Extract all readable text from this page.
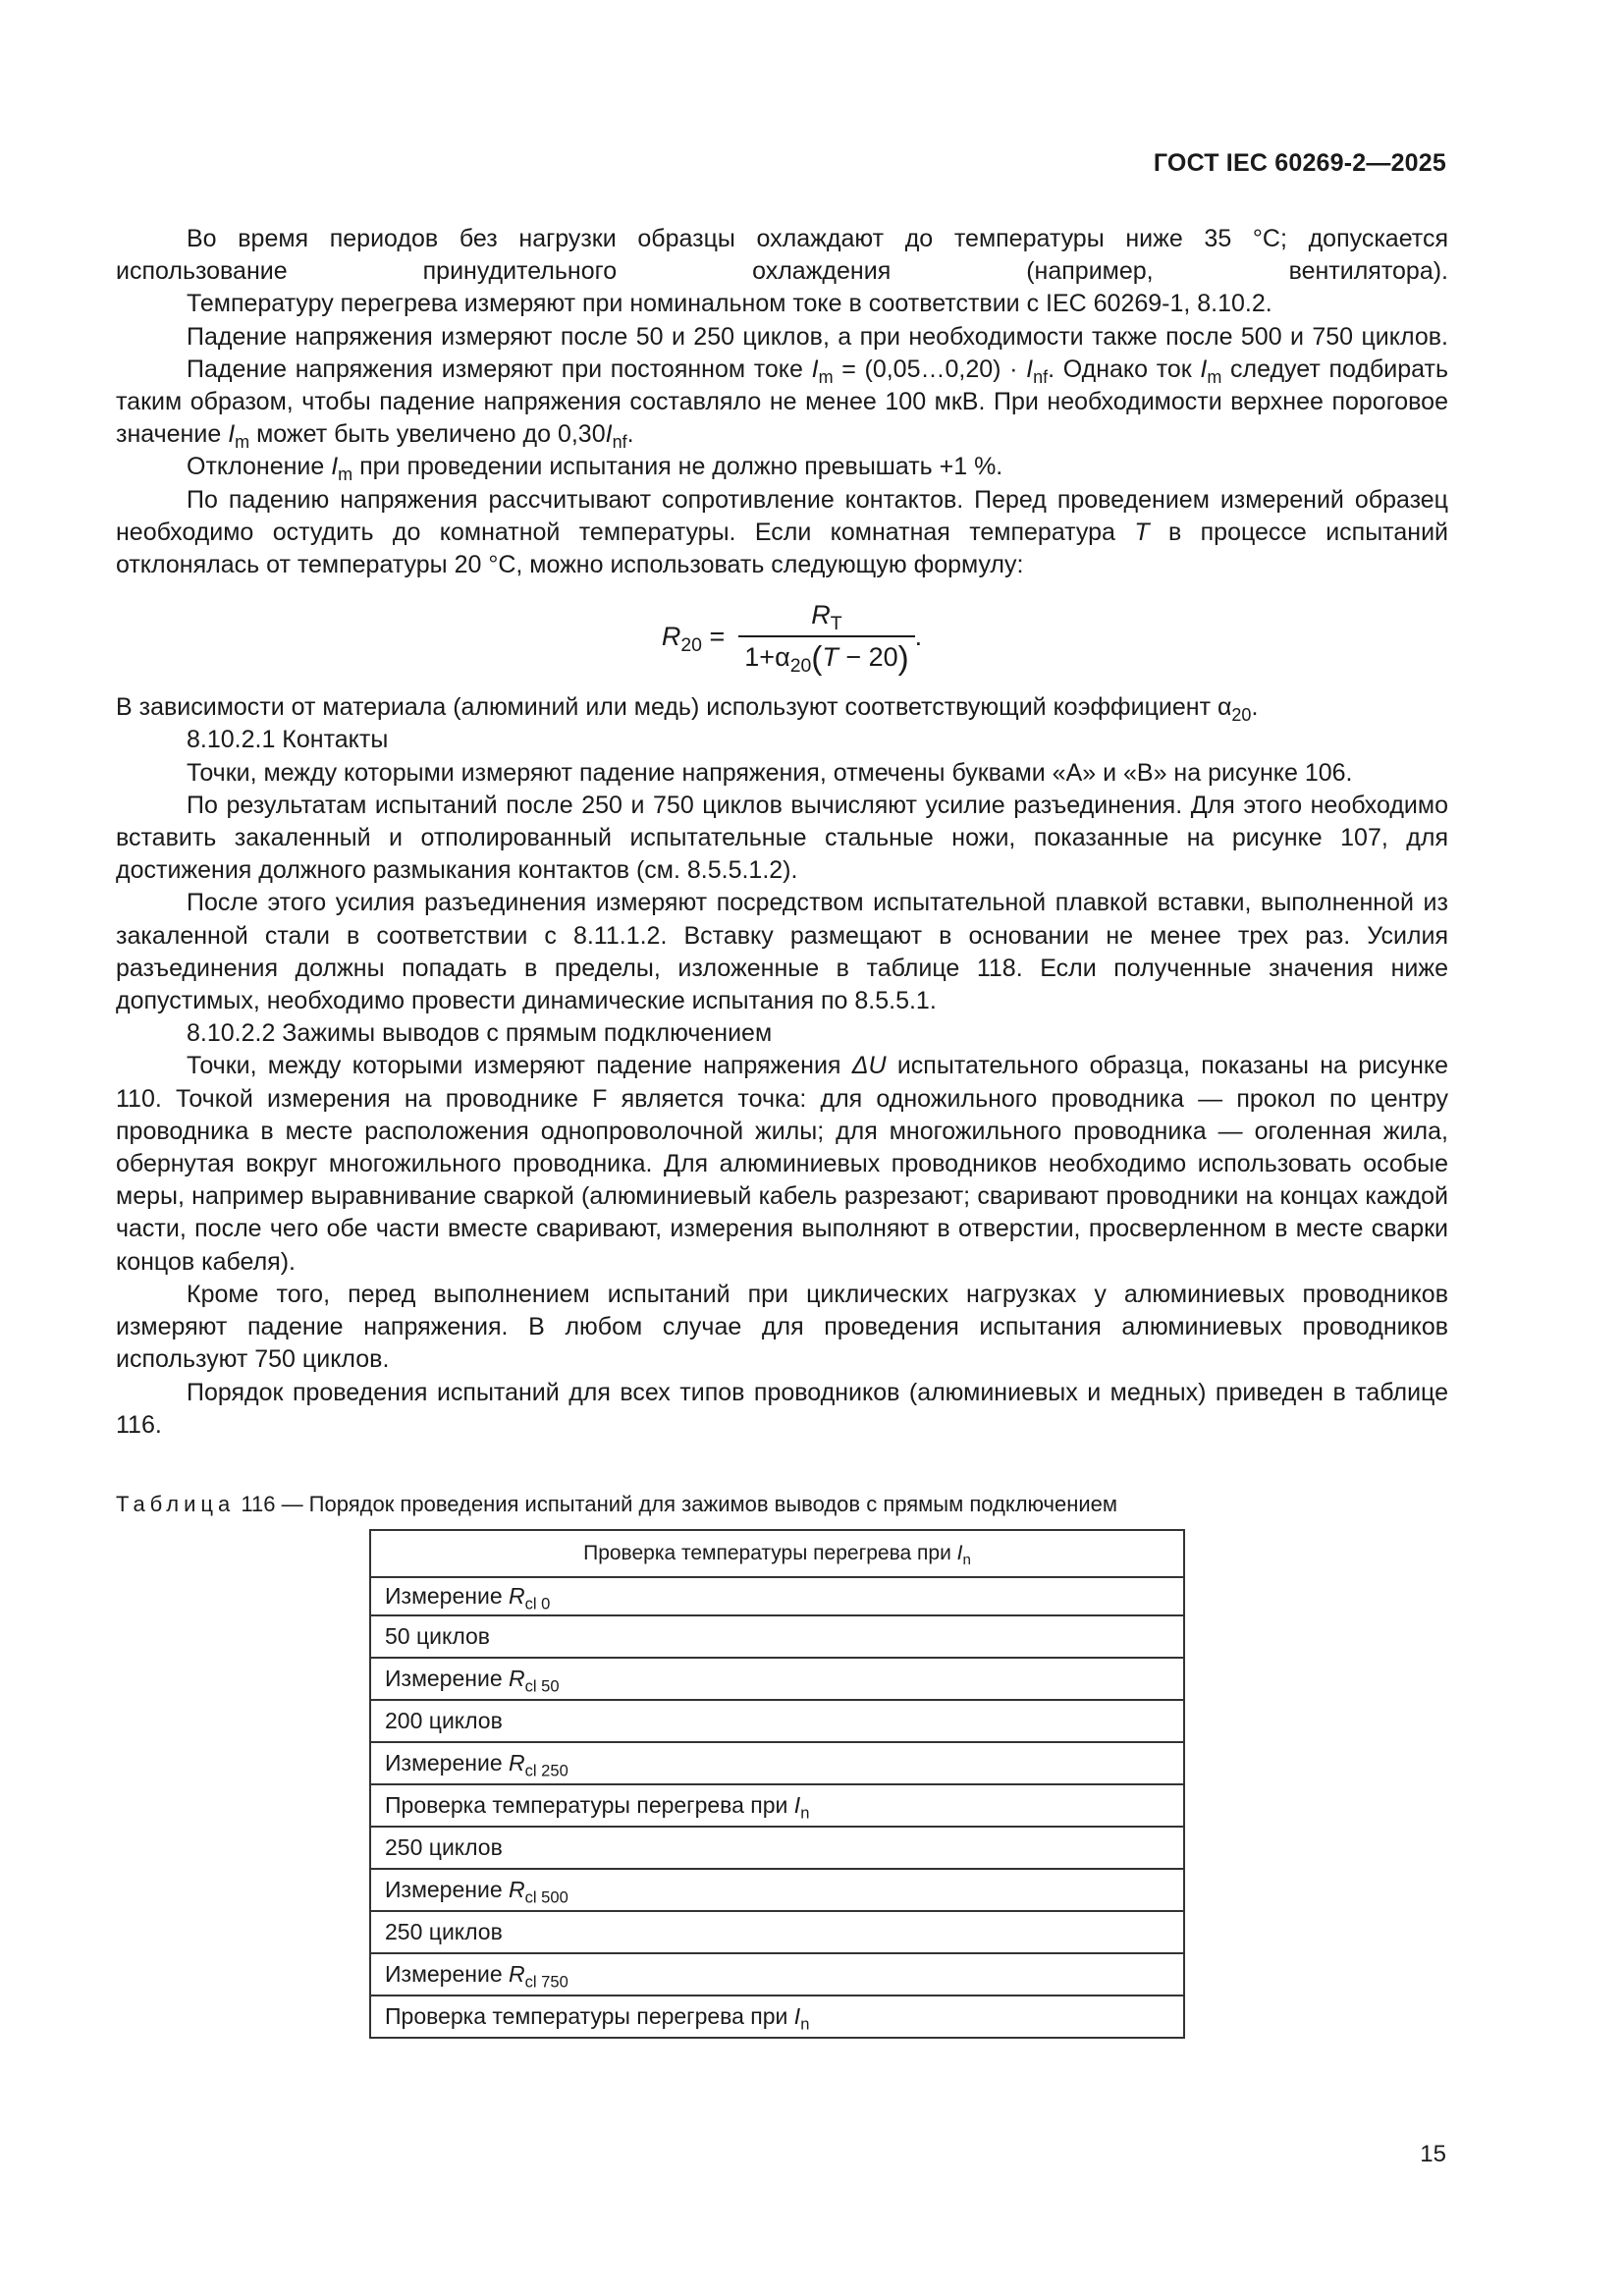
ГОСТ IEC 60269-2—2025

Во время периодов без нагрузки образцы охлаждают до температуры ниже 35 °С; допускается использование принудительного охлаждения (например, вентилятора).

Температуру перегрева измеряют при номинальном токе в соответствии с IEC 60269-1, 8.10.2.

Падение напряжения измеряют после 50 и 250 циклов, а при необходимости также после 500 и 750 циклов.

Падение напряжения измеряют при постоянном токе $I_m$ = (0,05…0,20) · $I_{nf}$. Однако ток $I_m$ следует подбирать таким образом, чтобы падение напряжения составляло не менее 100 мкВ. При необходимости верхнее пороговое значение $I_m$ может быть увеличено до $0,30I_{nf}$.

Отклонение $I_m$ при проведении испытания не должно превышать +1 %.

По падению напряжения рассчитывают сопротивление контактов. Перед проведением измерений образец необходимо остудить до комнатной температуры. Если комнатная температура T в процессе испытаний отклонялась от температуры 20 °С, можно использовать следующую формулу:

$R_{20} = \frac{R_T}{1+\alpha_{20}(T - 20)}$ .

В зависимости от материала (алюминий или медь) используют соответствующий коэффициент $\alpha_{20}$.

8.10.2.1 Контакты

Точки, между которыми измеряют падение напряжения, отмечены буквами «A» и «B» на рисунке 106.

По результатам испытаний после 250 и 750 циклов вычисляют усилие разъединения. Для этого необходимо вставить закаленный и отполированный испытательные стальные ножи, показанные на рисунке 107, для достижения должного размыкания контактов (см. 8.5.5.1.2).

После этого усилия разъединения измеряют посредством испытательной плавкой вставки, выполненной из закаленной стали в соответствии с 8.11.1.2. Вставку размещают в основании не менее трех раз. Усилия разъединения должны попадать в пределы, изложенные в таблице 118. Если полученные значения ниже допустимых, необходимо провести динамические испытания по 8.5.5.1.

8.10.2.2 Зажимы выводов с прямым подключением

Точки, между которыми измеряют падение напряжения ΔU испытательного образца, показаны на рисунке 110. Точкой измерения на проводнике F является точка: для одножильного проводника — прокол по центру проводника в месте расположения однопроволочной жилы; для многожильного проводника — оголенная жила, обернутая вокруг многожильного проводника. Для алюминиевых проводников необходимо использовать особые меры, например выравнивание сваркой (алюминиевый кабель разрезают; сваривают проводники на концах каждой части, после чего обе части вместе сваривают, измерения выполняют в отверстии, просверленном в месте сварки концов кабеля).

Кроме того, перед выполнением испытаний при циклических нагрузках у алюминиевых проводников измеряют падение напряжения. В любом случае для проведения испытания алюминиевых проводников используют 750 циклов.

Порядок проведения испытаний для всех типов проводников (алюминиевых и медных) приведен в таблице 116.

Таблица 116 — Порядок проведения испытаний для зажимов выводов с прямым подключением
Проверка температуры перегрева при $I_n$
Измерение $R_{cl 0}$
50 циклов
Измерение $R_{cl 50}$
200 циклов
Измерение $R_{cl 250}$
Проверка температуры перегрева при $I_n$
250 циклов
Измерение $R_{cl 500}$
250 циклов
Измерение $R_{cl 750}$
Проверка температуры перегрева при $I_n$
15
